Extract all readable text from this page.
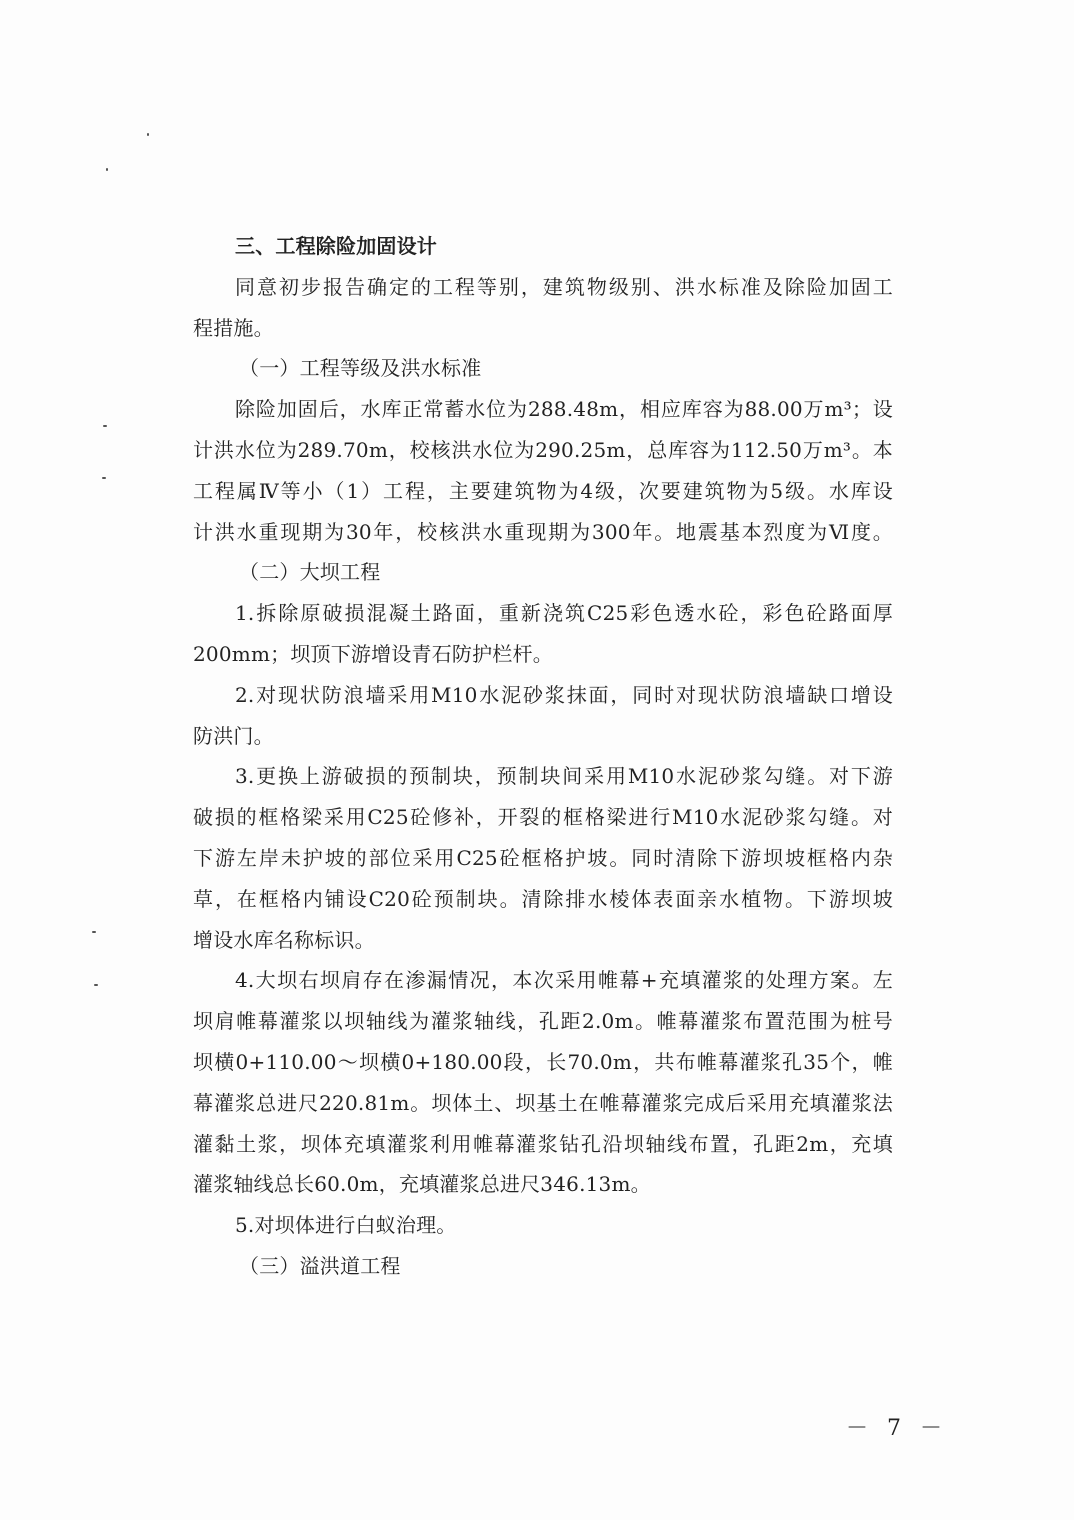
三、工程除险加固设计
同意初步报告确定的工程等别，建筑物级别、洪水标准及除险加固工
程措施。
（一）工程等级及洪水标准
除险加固后，水库正常蓄水位为288.48m，相应库容为88.00万m³；设
计洪水位为289.70m，校核洪水位为290.25m，总库容为112.50万m³。本
工程属Ⅳ等小（1）工程，主要建筑物为4级，次要建筑物为5级。水库设
计洪水重现期为30年，校核洪水重现期为300年。地震基本烈度为Ⅵ度。
（二）大坝工程
1.拆除原破损混凝土路面，重新浇筑C25彩色透水砼，彩色砼路面厚
200mm；坝顶下游增设青石防护栏杆。
2.对现状防浪墙采用M10水泥砂浆抹面，同时对现状防浪墙缺口增设
防洪门。
3.更换上游破损的预制块，预制块间采用M10水泥砂浆勾缝。对下游
破损的框格梁采用C25砼修补，开裂的框格梁进行M10水泥砂浆勾缝。对
下游左岸未护坡的部位采用C25砼框格护坡。同时清除下游坝坡框格内杂
草，在框格内铺设C20砼预制块。清除排水棱体表面亲水植物。下游坝坡
增设水库名称标识。
4.大坝右坝肩存在渗漏情况，本次采用帷幕+充填灌浆的处理方案。左
坝肩帷幕灌浆以坝轴线为灌浆轴线，孔距2.0m。帷幕灌浆布置范围为桩号
坝横0+110.00～坝横0+180.00段，长70.0m，共布帷幕灌浆孔35个，帷
幕灌浆总进尺220.81m。坝体土、坝基土在帷幕灌浆完成后采用充填灌浆法
灌黏土浆，坝体充填灌浆利用帷幕灌浆钻孔沿坝轴线布置，孔距2m，充填
灌浆轴线总长60.0m，充填灌浆总进尺346.13m。
5.对坝体进行白蚁治理。
（三）溢洪道工程
－ 7 －
